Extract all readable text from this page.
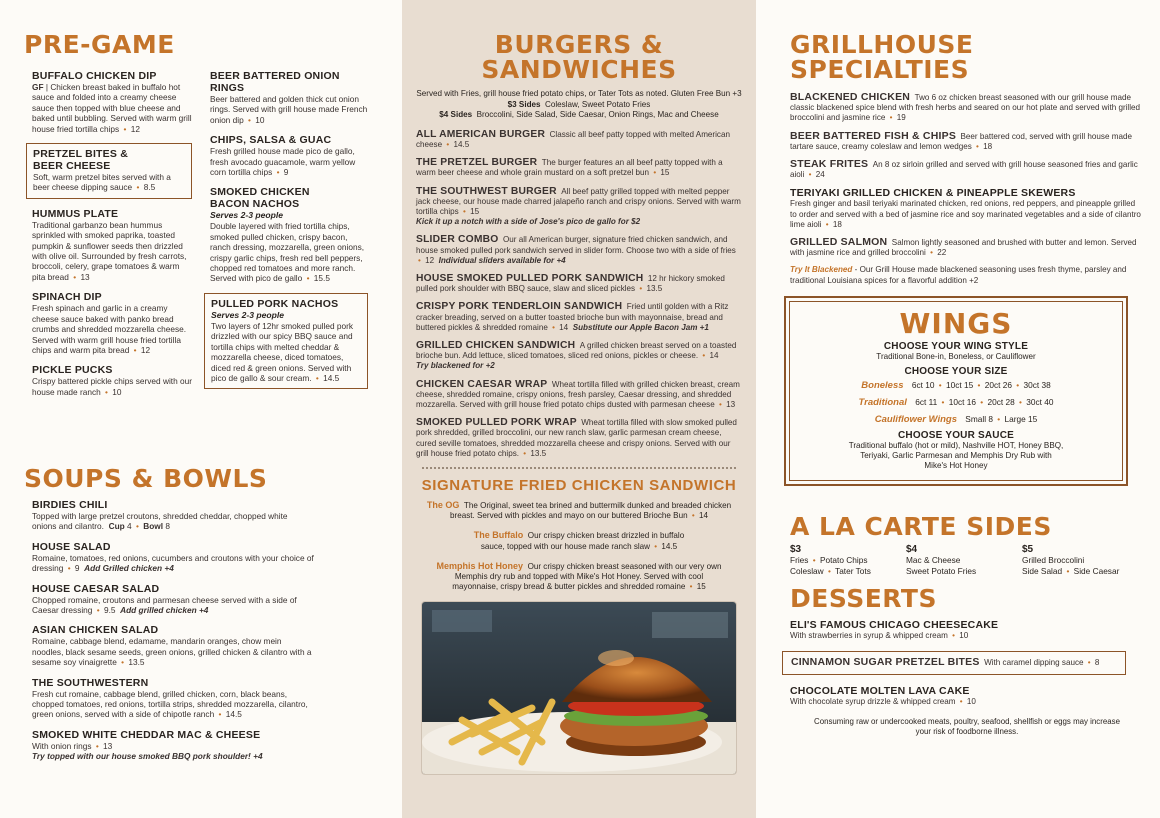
PRE-GAME
BUFFALO CHICKEN DIP
GF | Chicken breast baked in buffalo hot sauce and folded into a creamy cheese sauce then topped with blue cheese and baked until bubbling. Served with warm grill house fried tortilla chips • 12
PRETZEL BITES & BEER CHEESE
Soft, warm pretzel bites served with a beer cheese dipping sauce • 8.5
HUMMUS PLATE
Traditional garbanzo bean hummus sprinkled with smoked paprika, toasted pumpkin & sunflower seeds then drizzled with olive oil. Surrounded by fresh carrots, broccoli, celery, grape tomatoes & warm pita bread • 13
SPINACH DIP
Fresh spinach and garlic in a creamy cheese sauce baked with panko bread crumbs and shredded mozzarella cheese. Served with warm grill house fried tortilla chips and warm pita bread • 12
PICKLE PUCKS
Crispy battered pickle chips served with our house made ranch • 10
BEER BATTERED ONION RINGS
Beer battered and golden thick cut onion rings. Served with grill house made French onion dip • 10
CHIPS, SALSA & GUAC
Fresh grilled house made pico de gallo, fresh avocado guacamole, warm yellow corn tortilla chips • 9
SMOKED CHICKEN BACON NACHOS
Serves 2-3 people
Double layered with fried tortilla chips, smoked pulled chicken, crispy bacon, ranch dressing, mozzarella, green onions, crispy garlic chips, fresh red bell peppers, chopped red tomatoes and more ranch. Served with pico de gallo • 15.5
PULLED PORK NACHOS
Serves 2-3 people
Two layers of 12hr smoked pulled pork drizzled with our spicy BBQ sauce and tortilla chips with melted cheddar & mozzarella cheese, diced tomatoes, diced red & green onions. Served with pico de gallo & sour cream. • 14.5
SOUPS & BOWLS
BIRDIES CHILI
Topped with large pretzel croutons, shredded cheddar, chopped white onions and cilantro. Cup 4 • Bowl 8
HOUSE SALAD
Romaine, tomatoes, red onions, cucumbers and croutons with your choice of dressing • 9 Add Grilled chicken +4
HOUSE CAESAR SALAD
Chopped romaine, croutons and parmesan cheese served with a side of Caesar dressing • 9.5 Add grilled chicken +4
ASIAN CHICKEN SALAD
Romaine, cabbage blend, edamame, mandarin oranges, chow mein noodles, black sesame seeds, green onions, grilled chicken & cilantro with a sesame soy vinaigrette • 13.5
THE SOUTHWESTERN
Fresh cut romaine, cabbage blend, grilled chicken, corn, black beans, chopped tomatoes, red onions, tortilla strips, shredded mozzarella, cilantro, green onions, served with a side of chipotle ranch • 14.5
SMOKED WHITE CHEDDAR MAC & CHEESE
With onion rings • 13
Try topped with our house smoked BBQ pork shoulder! +4
BURGERS & SANDWICHES
Served with Fries, grill house fried potato chips, or Tater Tots as noted. Gluten Free Bun +3
$3 Sides Coleslaw, Sweet Potato Fries
$4 Sides Broccolini, Side Salad, Side Caesar, Onion Rings, Mac and Cheese
ALL AMERICAN BURGER Classic all beef patty topped with melted American cheese • 14.5
THE PRETZEL BURGER The burger features an all beef patty topped with a warm beer cheese and whole grain mustard on a soft pretzel bun • 15
THE SOUTHWEST BURGER All beef patty grilled topped with melted pepper jack cheese, our house made charred jalapeño ranch and crispy onions. Served with warm tortilla chips • 15
Kick it up a notch with a side of Jose's pico de gallo for $2
SLIDER COMBO Our all American burger, signature fried chicken sandwich, and house smoked pulled pork sandwich served in slider form. Choose two with a side of fries • 12 Individual sliders available for +4
HOUSE SMOKED PULLED PORK SANDWICH 12 hr hickory smoked pulled pork shoulder with BBQ sauce, slaw and sliced pickles • 13.5
CRISPY PORK TENDERLOIN SANDWICH Fried until golden with a Ritz cracker breading, served on a butter toasted brioche bun with mayonnaise, bread and buttered pickles & shredded romaine • 14 Substitute our Apple Bacon Jam +1
GRILLED CHICKEN SANDWICH A grilled chicken breast served on a toasted brioche bun. Add lettuce, sliced tomatoes, sliced red onions, pickles or cheese. • 14
Try blackened for +2
CHICKEN CAESAR WRAP Wheat tortilla filled with grilled chicken breast, cream cheese, shredded romaine, crispy onions, fresh parsley, Caesar dressing, and shredded mozzarella. Served with grill house fried potato chips dusted with parmesan cheese • 13
SMOKED PULLED PORK WRAP Wheat tortilla filled with slow smoked pulled pork shredded, grilled broccolini, our new ranch slaw, garlic parmesan cream cheese, cured seville tomatoes, shredded mozzarella cheese and crispy onions. Served with our grill house fried potato chips. • 13.5
SIGNATURE FRIED CHICKEN SANDWICH
The OG The Original, sweet tea brined and buttermilk dunked and breaded chicken breast. Served with pickles and mayo on our buttered Brioche Bun • 14
The Buffalo Our crispy chicken breast drizzled in buffalo sauce, topped with our house made ranch slaw • 14.5
Memphis Hot Honey Our crispy chicken breast seasoned with our very own Memphis dry rub and topped with Mike's Hot Honey. Served with cool mayonnaise, crispy bread & butter pickles and shredded romaine • 15
GRILLHOUSE SPECIALTIES
BLACKENED CHICKEN Two 6 oz chicken breast seasoned with our grill house made classic blackened spice blend with fresh herbs and seared on our hot plate and served with grilled broccolini and jasmine rice • 19
BEER BATTERED FISH & CHIPS Beer battered cod, served with grill house made tartare sauce, creamy coleslaw and lemon wedges • 18
STEAK FRITES An 8 oz sirloin grilled and served with grill house seasoned fries and garlic aioli • 24
TERIYAKI GRILLED CHICKEN & PINEAPPLE SKEWERS
Fresh ginger and basil teriyaki marinated chicken, red onions, red peppers, and pineapple grilled to order and served with a bed of jasmine rice and soy marinated vegetables and a side of cilantro lime aioli • 18
GRILLED SALMON Salmon lightly seasoned and brushed with butter and lemon. Served with jasmine rice and grilled broccolini • 22
Try It Blackened - Our Grill House made blackened seasoning uses fresh thyme, parsley and traditional Louisiana spices for a flavorful addition +2
WINGS
CHOOSE YOUR WING STYLE
Traditional Bone-in, Boneless, or Cauliflower
CHOOSE YOUR SIZE
Boneless 6ct 10 • 10ct 15 • 20ct 26 • 30ct 38
Traditional 6ct 11 • 10ct 16 • 20ct 28 • 30ct 40
Cauliflower Wings Small 8 • Large 15
CHOOSE YOUR SAUCE
Traditional buffalo (hot or mild), Nashville HOT, Honey BBQ, Teriyaki, Garlic Parmesan and Memphis Dry Rub with Mike's Hot Honey
A LA CARTE SIDES
$3
Fries • Potato Chips
Coleslaw • Tater Tots
$4
Mac & Cheese
Sweet Potato Fries
$5
Grilled Broccolini
Side Salad • Side Caesar
DESSERTS
ELI'S FAMOUS CHICAGO CHEESECAKE
With strawberries in syrup & whipped cream • 10
CINNAMON SUGAR PRETZEL BITES With caramel dipping sauce • 8
CHOCOLATE MOLTEN LAVA CAKE
With chocolate syrup drizzle & whipped cream • 10
Consuming raw or undercooked meats, poultry, seafood, shellfish or eggs may increase your risk of foodborne illness.
